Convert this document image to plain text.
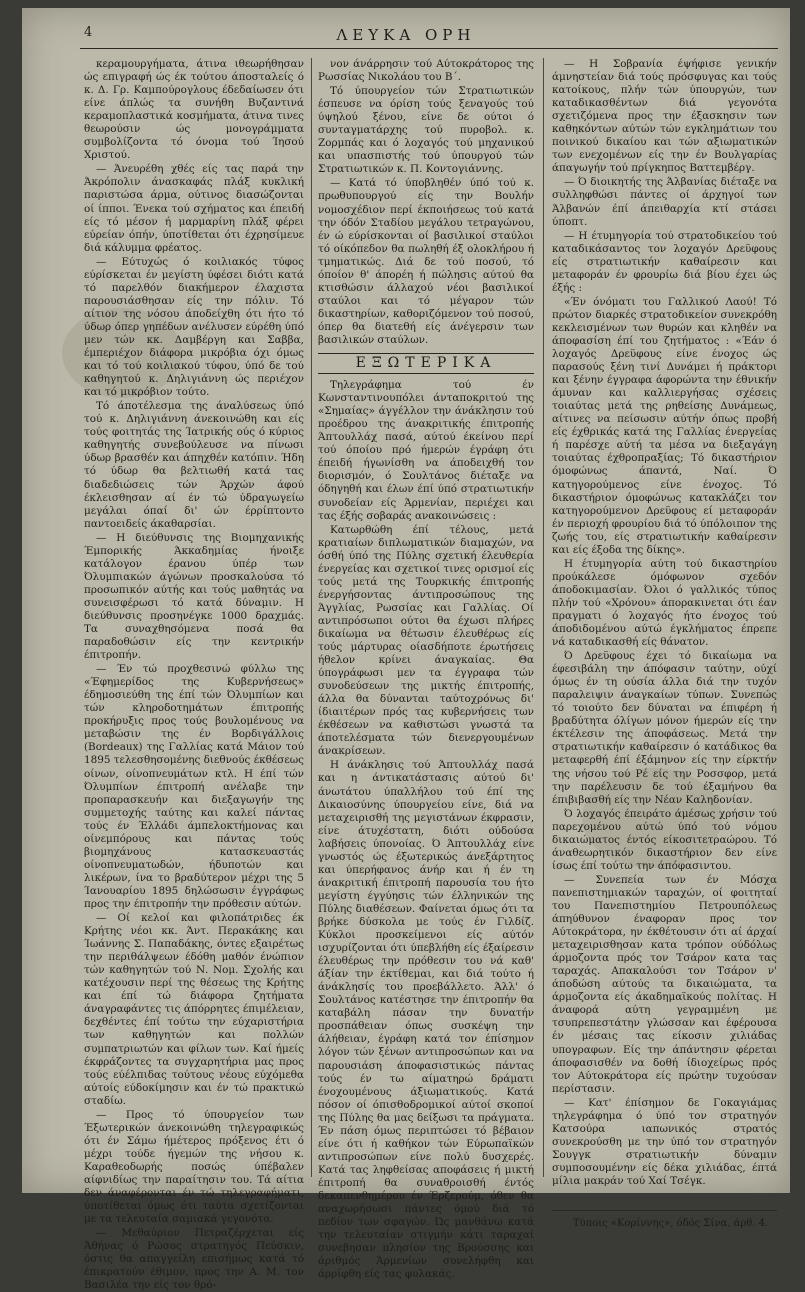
4	ΛΕΥΚΑ ΟΡΗ

κεραμουργήματα, άτινα ιθεωρήθησαν ώς επιγραφή ώς έκ τούτου άποσταλείς ό κ. Δ. Γρ. Καμπούρογλους έδεδαίωσεν ότι είνε άπλώς τα συνήθη Βυζαντινά κεραμοπλαστικά κοσμήματα, άτινα τινες θεωρούσιν ώς μονογράμματα συμβολίζοντα τό όνομα τού Ίησού Χριστού.

— Άνευρέθη χθές είς τας παρά την Άκρόπολιν άνασκαφάς πλάξ κυκλική παριστώσα άρμα, ούτινος διασώζονται οί ίπποι. Ένεκα τού σχήματος και έπειδή είς τό μέσον ή μαρμαρίνη πλάξ φέρει εύρείαν όπήν, ύποτίθεται ότι έχρησίμευε διά κάλυμμα φρέατος.

— Εύτυχώς ό κοιλιακός τύφος εύρίσκεται έν μεγίστη ύφέσει διότι κατά τό παρελθόν διακήμερον έλαχιστα παρουσιάσθησαν είς την πόλιν. Τό αίτιον της νόσου άποδείχθη ότι ήτο τό ύδωρ όπερ γηπέδων ανέλυσεν εύρέθη ύπό μεν τών κκ. Δαμβέργη και Σαββα, έμπεριέχον διάφορα μικρόβια όχι όμως και τό τού κοιλιακού τύφου, ύπό δε τού καθηγητού κ. Δηλιγιάννη ώς περιέχον και τό μικρόβιον τούτο.

Τό άποτέλεσμα της άναλύσεως ύπό τού κ. Δηλιγιάννη άνεκοινώθη και είς τούς φοιτητάς της Ίατρικής ούς ό κύριος καθηγητής συνεβούλευσε να πίνωσι ύδωρ βρασθέν και άπηχθέν κατόπιν. Ήδη τό ύδωρ θα βελτιωθή κατά τας διαδεδιώσεις τών Άρχών άφού έκλεισθησαν αί έν τώ ύδραγωγείω μεγάλαι όπαί δι' ών έρρίπτοντο παντοειδείς άκαθαρσίαι.

— Η διεύθυνσις της Βιομηχανικής Έμπορικής Άκκαδημίας ήνοιξε κατάλογον έρανου ύπέρ των Όλυμπιακών άγώνων προσκαλούσα τό προσωπικόν αύτής και τούς μαθητάς να συνεισφέρωσι τό κατά δύναμιν. Η διεύθυνσις προσηνέγκε 1000 δραχμάς. Τα συναχθησόμενα ποσά θα παραδοθώσιν είς την κεντρικήν έπιτροπήν.

— Έν τώ προχθεσινώ φύλλω της «Έφημερίδος της Κυβερνήσεως» έδημοσιεύθη της έπί τών Όλυμπίων και τών κληροδοτημάτων έπιτροπής προκήρυξις προς τούς βουλομένους να μεταβώσιν της έν Βορδιγάλλοις (Bordeaux) της Γαλλίας κατά Μάιον τού 1895 τελεσθησομένης διεθνούς έκθέσεως οίνων, οίνοπνευμάτων κτλ. Η έπί τών Όλυμπίων έπιτροπή ανέλαβε την προπαρασκευήν και διεξαγωγήν της συμμετοχής ταύτης και καλεί πάντας τούς έν Έλλάδι άμπελοκτήμονας και οίνεμπόρους και πάντας τούς βιομηχάνους κατασκευαστάς οίνοπνευματωδών, ήδυποτών και λικέρων, ίνα το βραδύτερον μέχρι της 5 Ίανουαρίου 1895 δηλώσωσιν έγγράφως προς την έπιτροπήν την πρόθεσιν αύτών.

— Οί κελοί και φιλοπάτριδες έκ Κρήτης νέοι κκ. Άντ. Περακάκης και Ίωάννης Σ. Παπαδάκης, όντες εξαιρέτως την περιθάλψεων έδόθη μαθόν ένώπιον τών καθηγητών τού Ν. Νομ. Σχολής και κατέχουσιν περί της θέσεως της Κρήτης και έπί τώ διάφορα ζητήματα άναγραφάντες τις άπόρρητες έπιμέλειαν, δεχθέντες έπί τούτω την εύχαριστήρια των καθηγητών και πολλών συμπατριωτών και φίλων των. Καί ήμείς έκφράζοντες τα συγχαρητήρια μας προς τούς εύέλπιδας τούτους νέους εύχόμεθα αύτοίς εύδοκίμησιν και έν τώ πρακτικώ σταδίω.

— Προς τό ύπουργείον των Έξωτερικών άνεκοινώθη τηλεγραφικώς ότι έν Σάμω ήμέτερος πρόξενος έτι ό μέχρι τούδε ήγεμών της νήσου κ. Καραθεοδωρής ποσώς ύπέβαλεν αίφνιδίως την παραίτησιν του. Τά αίτια δεν άναφέρονται έν τώ τηλεγραφήματι, ύποτίθεται όμως ότι ταύτα σχετίζονται με τα τελευταία σαμιακά γεγονότα.

— Μεθαύριον Πετραζέρχεται είς Άθήνας ό Ρώσος στρατηγός Πεύσκιν, όστις θα απαγγείλη επισήμως κατά τό έπικρατούν έθιμον, προς την Α. Μ. τον Βασιλέα την είς τον θρό-

νον άνάρρησιν τού Αύτοκράτορος της Ρωσσίας Νικολάου του Β΄.

Τό ύπουργείον τών Στρατιωτικών έσπευσε να όρίση τούς ξεναγούς τού ύψηλού ξένου, είνε δε ούτοι ό συνταγματάρχης τού πυροβολ. κ. Ζορμπάς και ό λοχαγός τού μηχανικού και υπασπιστής τού ύπουργού τών Στρατιωτικών κ. Π. Κοντογιάννης.

— Κατά τό ύποβληθέν ύπό τού κ. πρωθυπουργού είς την Βουλήν νομοσχέδιον περί έκποιήσεως τού κατά την όδόν Σταδίου μεγάλου τετραγώνου, έν ώ εύρίσκονται οί βασιλικοί σταύλοι τό οίκόπεδον θα πωληθή έξ ολοκλήρου ή τμηματικώς. Διά δε τού ποσού, τό όποίον θ' άπορέη ή πώλησις αύτού θα κτισθώσιν άλλαχού νέοι βασιλικοί σταύλοι και τό μέγαρον τών δικαστηρίων, καθοριζόμενον τού ποσού, όπερ θα διατεθή είς άνέγερσιν των βασιλικών σταύλων.

ΕΞΩΤΕΡΙΚΑ

Τηλεγράφημα τού έν Κωνσταντινουπόλει άνταποκριτού της «Σημαίας» άγγέλλον την άνάκλησιν τού προέδρου της άνακριτικής έπιτροπής Άπτουλλάχ πασά, αύτού έκείνου περί τού όποίου πρό ήμερών έγράφη ότι έπειδή ήγωνίσθη να άποδειχθή τον διορισμόν, ό Σουλτάνος διέταξε να όδηγηθή και έλων έπί ύπό στρατιωτικήν συνοδείαν είς Άρμενίαν, περιέχει και τας έξής σοβαράς ανακοινώσεις :

Κατωρθώθη έπί τέλους, μετά κρατιαίων διπλωματικών διαμαχών, να όσθή ύπό της Πύλης σχετική έλευθερία ένεργείας και σχετικοί τινες ορισμοί είς τούς μετά της Τουρκικής έπιτροπής ένεργήσοντας άντιπροσώπους της Άγγλίας, Ρωσσίας και Γαλλίας. Οί αντιπρόσωποι ούτοι θα έχωσι πλήρες δικαίωμα να θέτωσιν έλευθέρως είς τούς μάρτυρας οίασδήποτε έρωτήσεις ήθελον κρίνει άναγκαίας. Θα ύπογράφωσι μεν τα έγγραφα τών συνοδεύσεων της μικτής έπιτροπής, άλλα θα δύνανται ταύτοχρόνως δι' ίδιαιτέρων πρός τας κυβερνήσεις των έκθέσεων να καθιστώσι γνωστά τα άποτελέσματα τών διενεργουμένων άνακρίσεων.

Η άνάκλησις τού Άπτουλλάχ πασά και η άντικατάστασις αύτού δι' άνωτάτου ύπαλλήλου τού έπί της Δικαιοσύνης ύπουργείου είνε, διά να μεταχειρισθή της μεγιστάνων έκφρασιν, είνε άτυχέστατη, διότι ούδούσα λαβήσεις ύπονοίας. Ό Άπτουλλάχ είνε γνωστός ώς έξωτερικώς άνεξάρτητος και ύπερήφανος άνήρ και ή έν τη άνακριτική έπιτροπή παρουσία του ήτο μεγίστη έγγύησις τών έλληνικών της Πύλης διαθέσεων. Φαίνεται όμως ότι τα βρήκε δύσκολα με τούς έν Γιλδίζ. Κύκλοι προσκείμενοι είς αύτόν ισχυρίζονται ότι ύπεβλήθη είς έξαίρεσιν έλευθέρως την πρόθεσιν του νά καθ' άξίαν την έκτίθεμαι, και διά τούτο ή άνάκλησίς του προεβάλλετο. Άλλ' ό Σουλτάνος κατέστησε την έπιτροπήν θα καταβάλη πάσαν την δυνατήν προσπάθειαν όπως συσκέψη την άλήθειαν, έγράφη κατά τον έπίσημον λόγον τών ξένων αντιπροσώπων και να παρουσιάση άποφασιστικώς πάντας τούς έν τω αίματηρώ δράματι ένοχουμένους άξιωματικούς. Κατά πόσον οί όπισθοδρομικοί αύτοί σκοποί της Πύλης θα μας δείξωσι τα πράγματα. Έν πάση όμως περιπτώσει τό βέβαιον είνε ότι ή καθήκον τών Εύρωπαϊκών αντιπροσώπων είνε πολύ δυσχερές. Κατά τας ληφθείσας αποφάσεις ή μικτή έπιτροπή θα συναθροισθή έντός δεκαπενθημέρου έν Έρζερούμ, όθεν θα αναχωρήσωσι πάντες όμού διά τό πεδίον των σφαγών. Ώς μανθάνω κατά την τελευταίαν στιγμήν κάτι ταραχαί συνεβησαν πλησίον της Βρούσσης και άριθμός Άρμενίων συνελήφθη και άρρίφθη είς τας φυλακάς.

— Η Σοβρανία έψήφισε γενικήν άμνηστείαν διά τούς πρόσφυγας και τούς κατοίκους, πλήν τών ύπουργών, των καταδικασθέντων διά γεγονότα σχετιζόμενα προς την έξασκησιν των καθηκόντων αύτών τών εγκλημάτιων του ποινικού δικαίου και τών αξιωματικών των ενεχομένων είς την έν Βουλγαρίας άπαγωγήν τού πρίγκηπος Βαττεμβέργ.

— Ό διοικητής της Άλβανίας διέταξε να συλληφθώσι πάντες οί άρχηγοί των Άλβανών έπί άπειθαρχία κτί στάσει ύποπτ.

— Η έτυμηγορία τού στρατοδικείου τού καταδικάσαντος τον λοχαγόν Δρεϋφους είς στρατιωτικήν καθαίρεσιν και μεταφοράν έν φρουρίω διά βίου έχει ώς έξής :

«Έν όνόματι του Γαλλικού Λαού! Τό πρώτον διαρκές στρατοδικείον συνεκρόθη κεκλεισμένων των θυρών και κληθέν να άποφασίση έπί του ζητήματος : «Έάν ό λοχαγός Δρεϋφους είνε ένοχος ώς παρασούς ξένη τινί Δυνάμει ή πράκτορι και ξένην έγγραφα άφορώντα την έθνικήν άμυναν και καλλιεργήσας σχέσεις τοιαύτας μετά της ρηθείσης Δυνάμεως, αίτινες να πείσωσιν αύτήν όπως προβή είς έχθρικάς κατά της Γαλλίας ένεργείας ή παρέσχε αύτή τα μέσα να διεξαγάγη τοιαύτας έχθροπραξίας; Τό δικαστήριον όμοφώνως άπαντά, Ναί. Ό κατηγορούμενος είνε ένοχος. Τό δικαστήριον όμοφώνως κατακλάζει τον κατηγορούμενον Δρεϋφους εί μεταφοράν έν περιοχή φρουρίου διά τό ύπόλοιπον της ζωής του, είς στρατιωτικήν καθαίρεσιν και είς έξοδα της δίκης».

Η έτυμηγορία αύτη τού δικαστηρίου προύκάλεσε όμόφωνον σχεδόν άποδοκιμασίαν. Όλοι ό γαλλικός τύπος πλήν τού «Χρόνου» άπορακινεται ότι έαν πραγματι ό λοχαγός ήτο ένοχος τού άποδιδομένου αύτώ έγκλήματος έπρεπε νά καταδικασθή είς θάνατον.

Ό Δρεϋφους έχει τό δικαίωμα να έφεσιβάλη την άπόφασιν ταύτην, ούχί όμως έν τη ούσία άλλα διά την τυχόν παραλειψιν άναγκαίων τύπων. Συνεπώς τό τοιούτο δεν δύναται να έπιφέρη ή βραδύτητα όλίγων μόνον ήμερών είς την έκτέλεσιν της άποφάσεως. Μετά την στρατιωτικήν καθαίρεσιν ό κατάδικος θα μεταφερθή έπί έξάμηνον είς την είρκτήν της νήσου τού Ρέ είς την Ροσσφορ, μετά την παρέλευσιν δε τού έξαμήνου θα έπιβιβασθή είς την Νέαν Καληδονίαν.

Ό λοχαγός έπειράτο άμέσως χρήσιν τού παρεχομένου αύτώ ύπό τού νόμου δικαιώματος έντός είκοσιτετραώρου. Τό άναθεωρητικόν δικαστήριον δεν είνε ίσως έπί τούτω την άπόφασιντου.

— Συνεπεία των έν Μόσχα πανεπιστημιακών ταραχών, οί φοιτηταί του Πανεπιστημίου Πετρουπόλεως άπηύθυνον έναφοραν προς τον Αύτοκράτορα, ην έκθέτουσιν ότι αί άρχαί μεταχειρισθησαν κατα τρόπον ούδόλως άρμοζοντα πρός τον Τσάρον κατα τας ταραχάς. Απακαλούσι τον Τσάρον ν' άποδώση αύτούς τα δικαιώματα, τα άρμοζοντα είς άκαδημαϊκούς πολίτας. Η άναφορά αύτη γεγραμμένη με τσυπρεπεστάτην γλώσσαν και έφέρουσα έν μέσαις τας είκοσιν χιλιάδας υπογραφων. Είς την άπάντησιν φέρεται άποφασισθέν να δοθή ίδιοχείρως πρός τον Αύτοκράτορα είς πρώτην τυχούσαν περίστασιν.

— Κατ' έπίσημον δε Γοκαγιάμας τηλεγράφημα ό ύπό τον στρατηγόν Κατσούρα ιαπωνικός στρατός συνεκρούσθη με την ύπό τον στρατηγόν Σουγγκ στρατιωτικήν δύναμιν συμποσουμένην είς δέκα χιλιάδας, έπτά μίλια μακράν τού Χαί Τσέγκ.

Τύποις «Κορίννης», όδός Σίνα, άρθ. 4.
